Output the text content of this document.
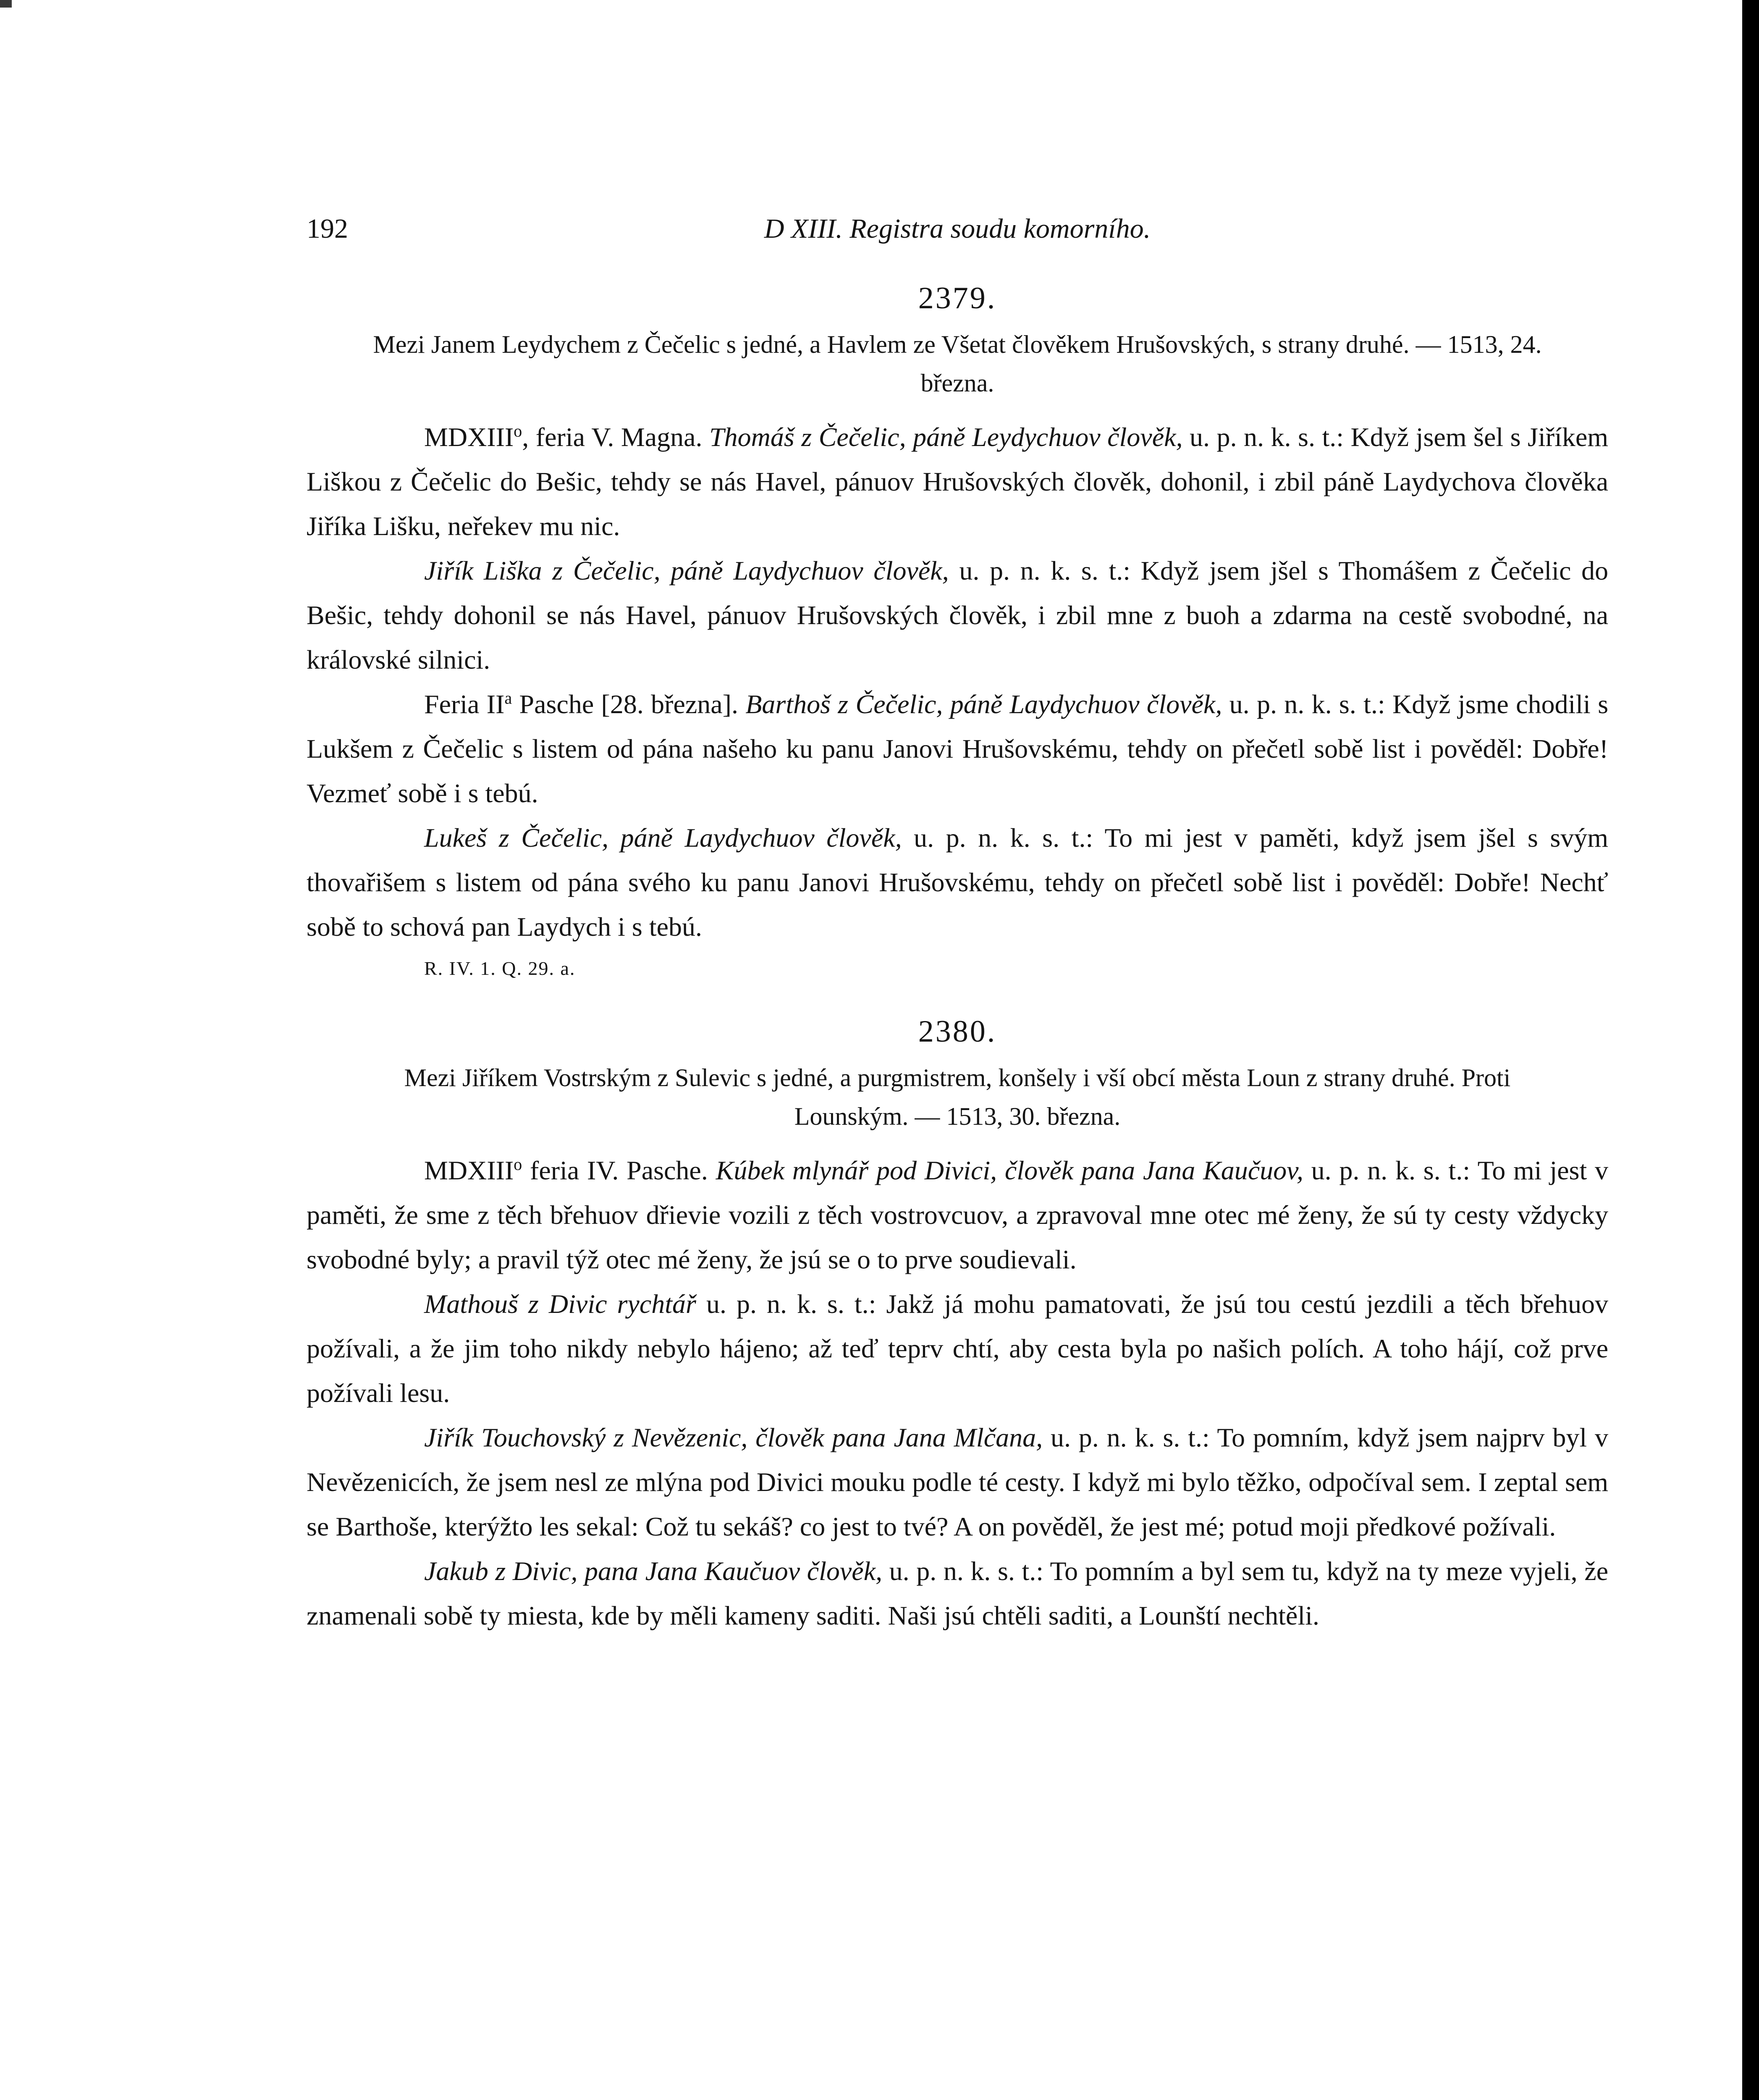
192	D XIII. Registra soudu komorního.
2379.
Mezi Janem Leydychem z Čečelic s jedné, a Havlem ze Všetat člověkem Hrušovských, s strany druhé. — 1513, 24. března.

MDXIII$^o$, feria V. Magna. Thomáš z Čečelic, páně Leydychuov člověk, u. p. n. k. s. t.: Když jsem šel s Jiříkem Liškou z Čečelic do Bešic, tehdy se nás Havel, pánuov Hrušovských člověk, dohonil, i zbil páně Laydychova člověka Jiříka Lišku, neřekev mu nic.

Jiřík Liška z Čečelic, páně Laydychuov člověk, u. p. n. k. s. t.: Když jsem jšel s Thomášem z Čečelic do Bešic, tehdy dohonil se nás Havel, pánuov Hrušovských člověk, i zbil mne z buoh a zdarma na cestě svobodné, na královské silnici.

Feria $II^a$ Pasche [28. března]. Barthoš z Čečelic, páně Laydychuov člověk, u. p. n. k. s. t.: Když jsme chodili s Lukšem z Čečelic s listem od pána našeho ku panu Janovi Hrušovskému, tehdy on přečetl sobě list i pověděl: Dobře! Vezmeť sobě i s tebú.

Lukeš z Čečelic, páně Laydychuov člověk, u. p. n. k. s. t.: To mi jest v paměti, když jsem jšel s svým thovařišem s listem od pána svého ku panu Janovi Hrušovskému, tehdy on přečetl sobě list i pověděl: Dobře! Nechť sobě to schová pan Laydych i s tebú.

R. IV. 1. Q. 29. a.
2380.
Mezi Jiříkem Vostrským z Sulevic s jedné, a purgmistrem, konšely i vší obcí města Loun z strany druhé. Proti Lounským. — 1513, 30. března.

MDXIII$^o$ feria IV. Pasche. Kúbek mlynář pod Divici, člověk pana Jana Kaučuov, u. p. n. k. s. t.: To mi jest v paměti, že sme z těch břehuov dřievie vozili z těch vostrovcuov, a zpravoval mne otec mé ženy, že sú ty cesty vždycky svobodné byly; a pravil týž otec mé ženy, že jsú se o to prve soudievali.

Mathouš z Divic rychtář u. p. n. k. s. t.: Jakž já mohu pamatovati, že jsú tou cestú jezdili a těch břehuov požívali, a že jim toho nikdy nebylo hájeno; až teď teprv chtí, aby cesta byla po našich polích. A toho hájí, což prve požívali lesu.

Jiřík Touchovský z Nevězenic, člověk pana Jana Mlčana, u. p. n. k. s. t.: To pomním, když jsem najprv byl v Nevězenicích, že jsem nesl ze mlýna pod Divici mouku podle té cesty. I když mi bylo těžko, odpočíval sem. I zeptal sem se Barthoše, kterýžto les sekal: Což tu sekáš? co jest to tvé? A on pověděl, že jest mé; potud moji předkové požívali.

Jakub z Divic, pana Jana Kaučuov člověk, u. p. n. k. s. t.: To pomním a byl sem tu, když na ty meze vyjeli, že znamenali sobě ty miesta, kde by měli kameny saditi. Naši jsú chtěli saditi, a Lounští nechtěli.
